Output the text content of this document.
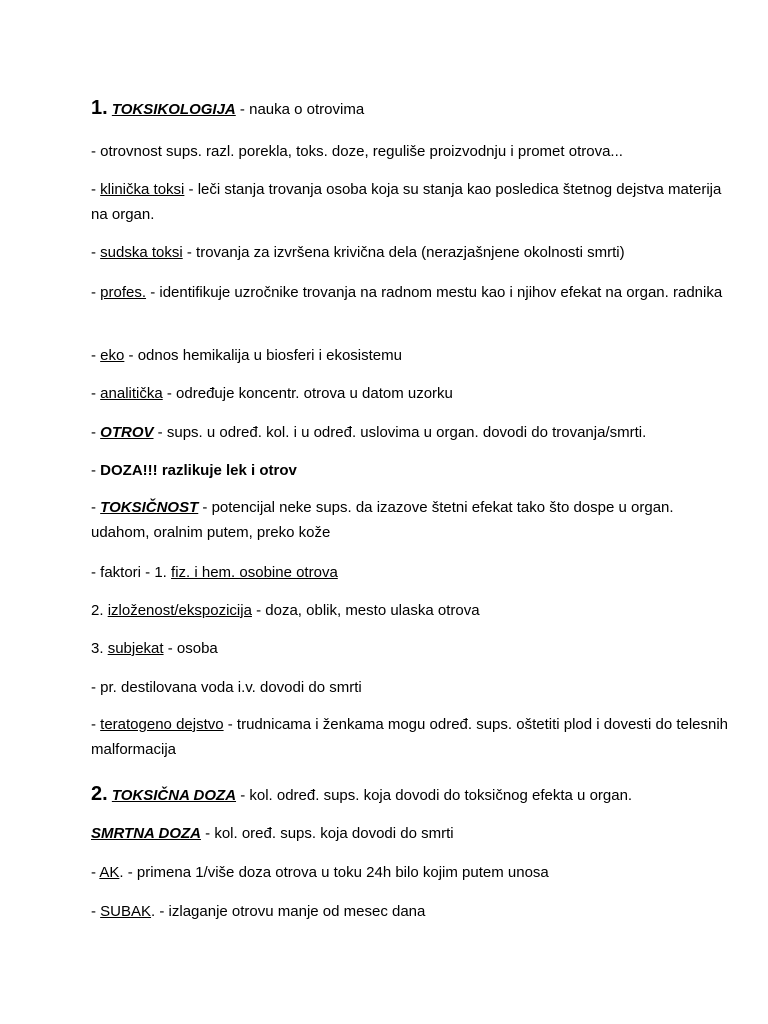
1. TOKSIKOLOGIJA - nauka o otrovima
- otrovnost sups. razl. porekla, toks. doze, reguliše proizvodnju i promet otrova...
- klinička toksi - leči stanja trovanja osoba koja su stanja kao posledica štetnog dejstva materija na organ.
- sudska toksi - trovanja za izvršena krivična dela (nerazjašnjene okolnosti smrti)
- profes. - identifikuje uzročnike trovanja na radnom mestu kao i njihov efekat na organ. radnika
- eko - odnos hemikalija u biosferi i ekosistemu
- analitička - određuje koncentr. otrova u datom uzorku
- OTROV - sups. u određ. kol. i u određ. uslovima u organ. dovodi do trovanja/smrti.
- DOZA!!! razlikuje lek i otrov
- TOKSIČNOST - potencijal neke sups. da izazove štetni efekat tako što dospe u organ. udahom, oralnim putem, preko kože
- faktori - 1. fiz. i hem. osobine otrova
2. izloženost/ekspozicija - doza, oblik, mesto ulaska otrova
3. subjekat - osoba
- pr. destilovana voda i.v. dovodi do smrti
- teratogeno dejstvo - trudnicama i ženkama mogu određ. sups. oštetiti plod i dovesti do telesnih malformacija
2. TOKSIČNA DOZA - kol. određ. sups. koja dovodi do toksičnog efekta u organ.
SMRTNA DOZA - kol. oređ. sups. koja dovodi do smrti
- AK. - primena 1/više doza otrova u toku 24h bilo kojim putem unosa
- SUBAK. - izlaganje otrovu manje od mesec dana
